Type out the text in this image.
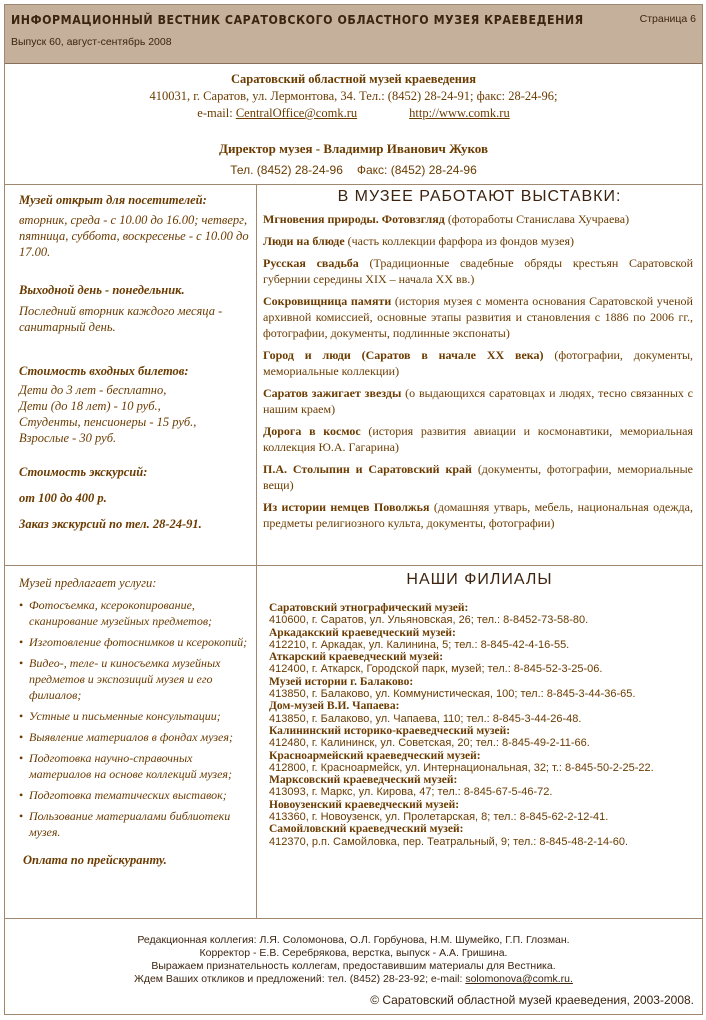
ИНФОРМАЦИОННЫЙ ВЕСТНИК САРАТОВСКОГО ОБЛАСТНОГО МУЗЕЯ КРАЕВЕДЕНИЯ
Выпуск 60, август-сентябрь 2008
Страница 6
Саратовский областной музей краеведения
410031, г. Саратов, ул. Лермонтова, 34. Тел.: (8452) 28-24-91; факс: 28-24-96;
e-mail: CentralOffice@comk.ru	http://www.comk.ru
Директор музея - Владимир Иванович Жуков
Тел. (8452) 28-24-96 Факс: (8452) 28-24-96
Музей открыт для посетителей:
вторник, среда - с 10.00 до 16.00; четверг, пятница, суббота, воскресенье - с 10.00 до 17.00.
Выходной день - понедельник.
Последний вторник каждого месяца - санитарный день.
Стоимость входных билетов:
Дети до 3 лет - бесплатно,
Дети (до 18 лет) - 10 руб.,
Студенты, пенсионеры - 15 руб.,
Взрослые - 30 руб.
Стоимость экскурсий:
от 100 до 400 р.
Заказ экскурсий по тел. 28-24-91.
В МУЗЕЕ РАБОТАЮТ ВЫСТАВКИ:

Мгновения природы. Фотовзгляд (фотоработы Станислава Хучраева)

Люди на блюде (часть коллекции фарфора из фондов музея)

Русская свадьба (Традиционные свадебные обряды крестьян Саратовской губернии середины XIX – начала XX вв.)

Сокровищница памяти (история музея с момента основания Саратовской ученой архивной комиссией, основные этапы развития и становления с 1886 по 2006 гг., фотографии, документы, подлинные экспонаты)

Город и люди (Саратов в начале XX века) (фотографии, документы, мемориальные коллекции)

Саратов зажигает звезды (о выдающихся саратовцах и людях, тесно связанных с нашим краем)

Дорога в космос (история развития авиации и космонавтики, мемориальная коллекция Ю.А. Гагарина)

П.А. Столыпин и Саратовский край (документы, фотографии, мемориальные вещи)

Из истории немцев Поволжья (домашняя утварь, мебель, национальная одежда, предметы религиозного культа, документы, фотографии)

Музей предлагает услуги:
• Фотосъемка, ксерокопирование, сканирование музейных предметов;
• Изготовление фотоснимков и ксерокопий;
• Видео-, теле- и киносъемка музейных предметов и экспозиций музея и его филиалов;
• Устные и письменные консультации;
• Выявление материалов в фондах музея;
• Подготовка научно-справочных материалов на основе коллекций музея;
• Подготовка тематических выставок;
• Пользование материалами библиотеки музея.
Оплата по прейскуранту.
НАШИ ФИЛИАЛЫ
Саратовский этнографический музей:
410600, г. Саратов, ул. Ульяновская, 26; тел.: 8-8452-73-58-80.
Аркадакский краеведческий музей:
412210, г. Аркадак, ул. Калинина, 5; тел.: 8-845-42-4-16-55.
Аткарский краеведческий музей:
412400, г. Аткарск, Городской парк, музей; тел.: 8-845-52-3-25-06.
Музей истории г. Балаково:
413850, г. Балаково, ул. Коммунистическая, 100; тел.: 8-845-3-44-36-65.
Дом-музей В.И. Чапаева:
413850, г. Балаково, ул. Чапаева, 110; тел.: 8-845-3-44-26-48.
Калининский историко-краеведческий музей:
412480, г. Калининск, ул. Советская, 20; тел.: 8-845-49-2-11-66.
Красноармейский краеведческий музей:
412800, г. Красноармейск, ул. Интернациональная, 32; т.: 8-845-50-2-25-22.
Марксовский краеведческий музей:
413093, г. Маркс, ул. Кирова, 47; тел.: 8-845-67-5-46-72.
Новоузенский краеведческий музей:
413360, г. Новоузенск, ул. Пролетарская, 8; тел.: 8-845-62-2-12-41.
Самойловский краеведческий музей:
412370, р.п. Самойловка, пер. Театральный, 9; тел.: 8-845-48-2-14-60.
Редакционная коллегия: Л.Я. Соломонова, О.Л. Горбунова, Н.М. Шумейко, Г.П. Глозман.
Корректор - Е.В. Серебрякова, верстка, выпуск - А.А. Гришина.
Выражаем признательность коллегам, предоставившим материалы для Вестника.
Ждем Ваших откликов и предложений: тел. (8452) 28-23-92; e-mail: solomonova@comk.ru.
© Саратовский областной музей краеведения, 2003-2008.
